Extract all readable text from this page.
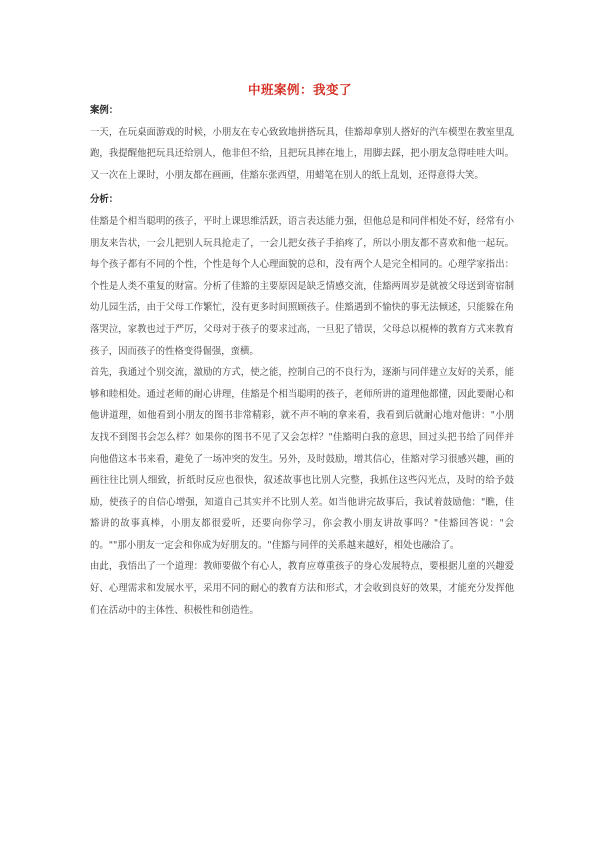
中班案例：我变了

案例：

一天，在玩桌面游戏的时候，小朋友在专心致致地拼搭玩具，佳豁却拿别人搭好的汽车模型在教室里乱跑，我提醒他把玩具还给别人，他非但不给，且把玩具摔在地上，用脚去踩，把小朋友急得哇哇大叫。又一次在上课时，小朋友都在画画，佳豁东张西望，用蜡笔在别人的纸上乱划，还得意得大笑。

分析：

佳豁是个相当聪明的孩子，平时上课思维活跃，语言表达能力强，但他总是和同伴相处不好，经常有小朋友来告状，一会儿把别人玩具抢走了，一会儿把女孩子手掐疼了，所以小朋友都不喜欢和他一起玩。每个孩子都有不同的个性，个性是每个人心理面貌的总和，没有两个人是完全相同的。心理学家指出：个性是人类不重复的财富。分析了佳豁的主要原因是缺乏情感交流，佳豁两周岁是就被父母送到寄宿制幼儿园生活，由于父母工作繁忙，没有更多时间照顾孩子。佳豁遇到不愉快的事无法倾述，只能躲在角落哭泣，家教也过于严厉，父母对于孩子的要求过高，一旦犯了错误，父母总以棍棒的教育方式来教育孩子，因而孩子的性格变得倔强，蛮横。

首先，我通过个别交流，激励的方式，使之能，控制自己的不良行为，逐渐与同伴建立友好的关系，能够和睦相处。通过老师的耐心讲理，佳豁是个相当聪明的孩子，老师所讲的道理他都懂，因此要耐心和他讲道理，如他看到小朋友的图书非常精彩，就不声不响的拿来看，我看到后就耐心地对他讲："小朋友找不到图书会怎么样？如果你的图书不见了又会怎样？"佳豁明白我的意思，回过头把书给了同伴并向他借这本书来看，避免了一场冲突的发生。另外，及时鼓励，增其信心，佳豁对学习很感兴趣，画的画往往比别人细致，折纸时反应也很快，叙述故事也比别人完整，我抓住这些闪光点，及时的给予鼓励，使孩子的自信心增强，知道自己其实并不比别人差。如当他讲完故事后，我试着鼓励他："瞧，佳豁讲的故事真棒，小朋友都很爱听，还要向你学习，你会教小朋友讲故事吗？"佳豁回答说："会的。""那小朋友一定会和你成为好朋友的。"佳豁与同伴的关系越来越好，相处也融洽了。

由此，我悟出了一个道理：教师要做个有心人，教育应尊重孩子的身心发展特点，要根据儿童的兴趣爱好、心理需求和发展水平，采用不同的耐心的教育方法和形式，才会收到良好的效果，才能充分发挥他们在活动中的主体性、积极性和创造性。
